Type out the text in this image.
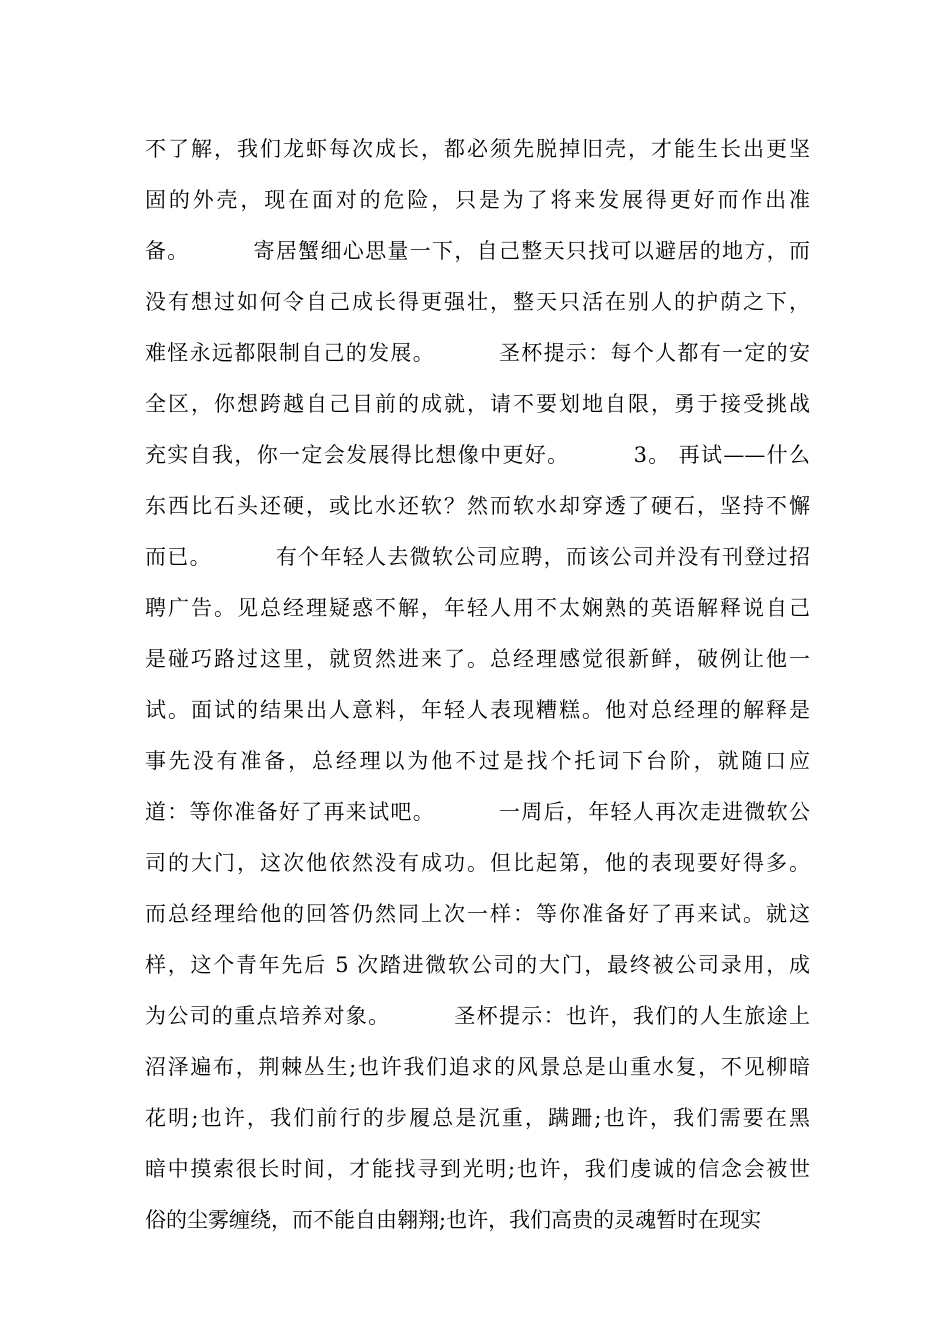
不了解，我们龙虾每次成长，都必须先脱掉旧壳，才能生长出更坚
固的外壳，现在面对的危险，只是为了将来发展得更好而作出准
备。        寄居蟹细心思量一下，自己整天只找可以避居的地方，而
没有想过如何令自己成长得更强壮，整天只活在别人的护荫之下，
难怪永远都限制自己的发展。        圣杯提示：每个人都有一定的安
全区，你想跨越自己目前的成就，请不要划地自限，勇于接受挑战
充实自我，你一定会发展得比想像中更好。        3。 再试——什么
东西比石头还硬，或比水还软？然而软水却穿透了硬石，坚持不懈
而已。        有个年轻人去微软公司应聘，而该公司并没有刊登过招
聘广告。见总经理疑惑不解，年轻人用不太娴熟的英语解释说自己
是碰巧路过这里，就贸然进来了。总经理感觉很新鲜，破例让他一
试。面试的结果出人意料，年轻人表现糟糕。他对总经理的解释是
事先没有准备，总经理以为他不过是找个托词下台阶，就随口应
道：等你准备好了再来试吧。        一周后，年轻人再次走进微软公
司的大门，这次他依然没有成功。但比起第，他的表现要好得多。
而总经理给他的回答仍然同上次一样：等你准备好了再来试。就这
样，这个青年先后 5 次踏进微软公司的大门，最终被公司录用，成
为公司的重点培养对象。        圣杯提示：也许，我们的人生旅途上
沼泽遍布，荆棘丛生;也许我们追求的风景总是山重水复，不见柳暗
花明;也许，我们前行的步履总是沉重，蹒跚;也许，我们需要在黑
暗中摸索很长时间，才能找寻到光明;也许，我们虔诚的信念会被世
俗的尘雾缠绕，而不能自由翱翔;也许，我们高贵的灵魂暂时在现实
